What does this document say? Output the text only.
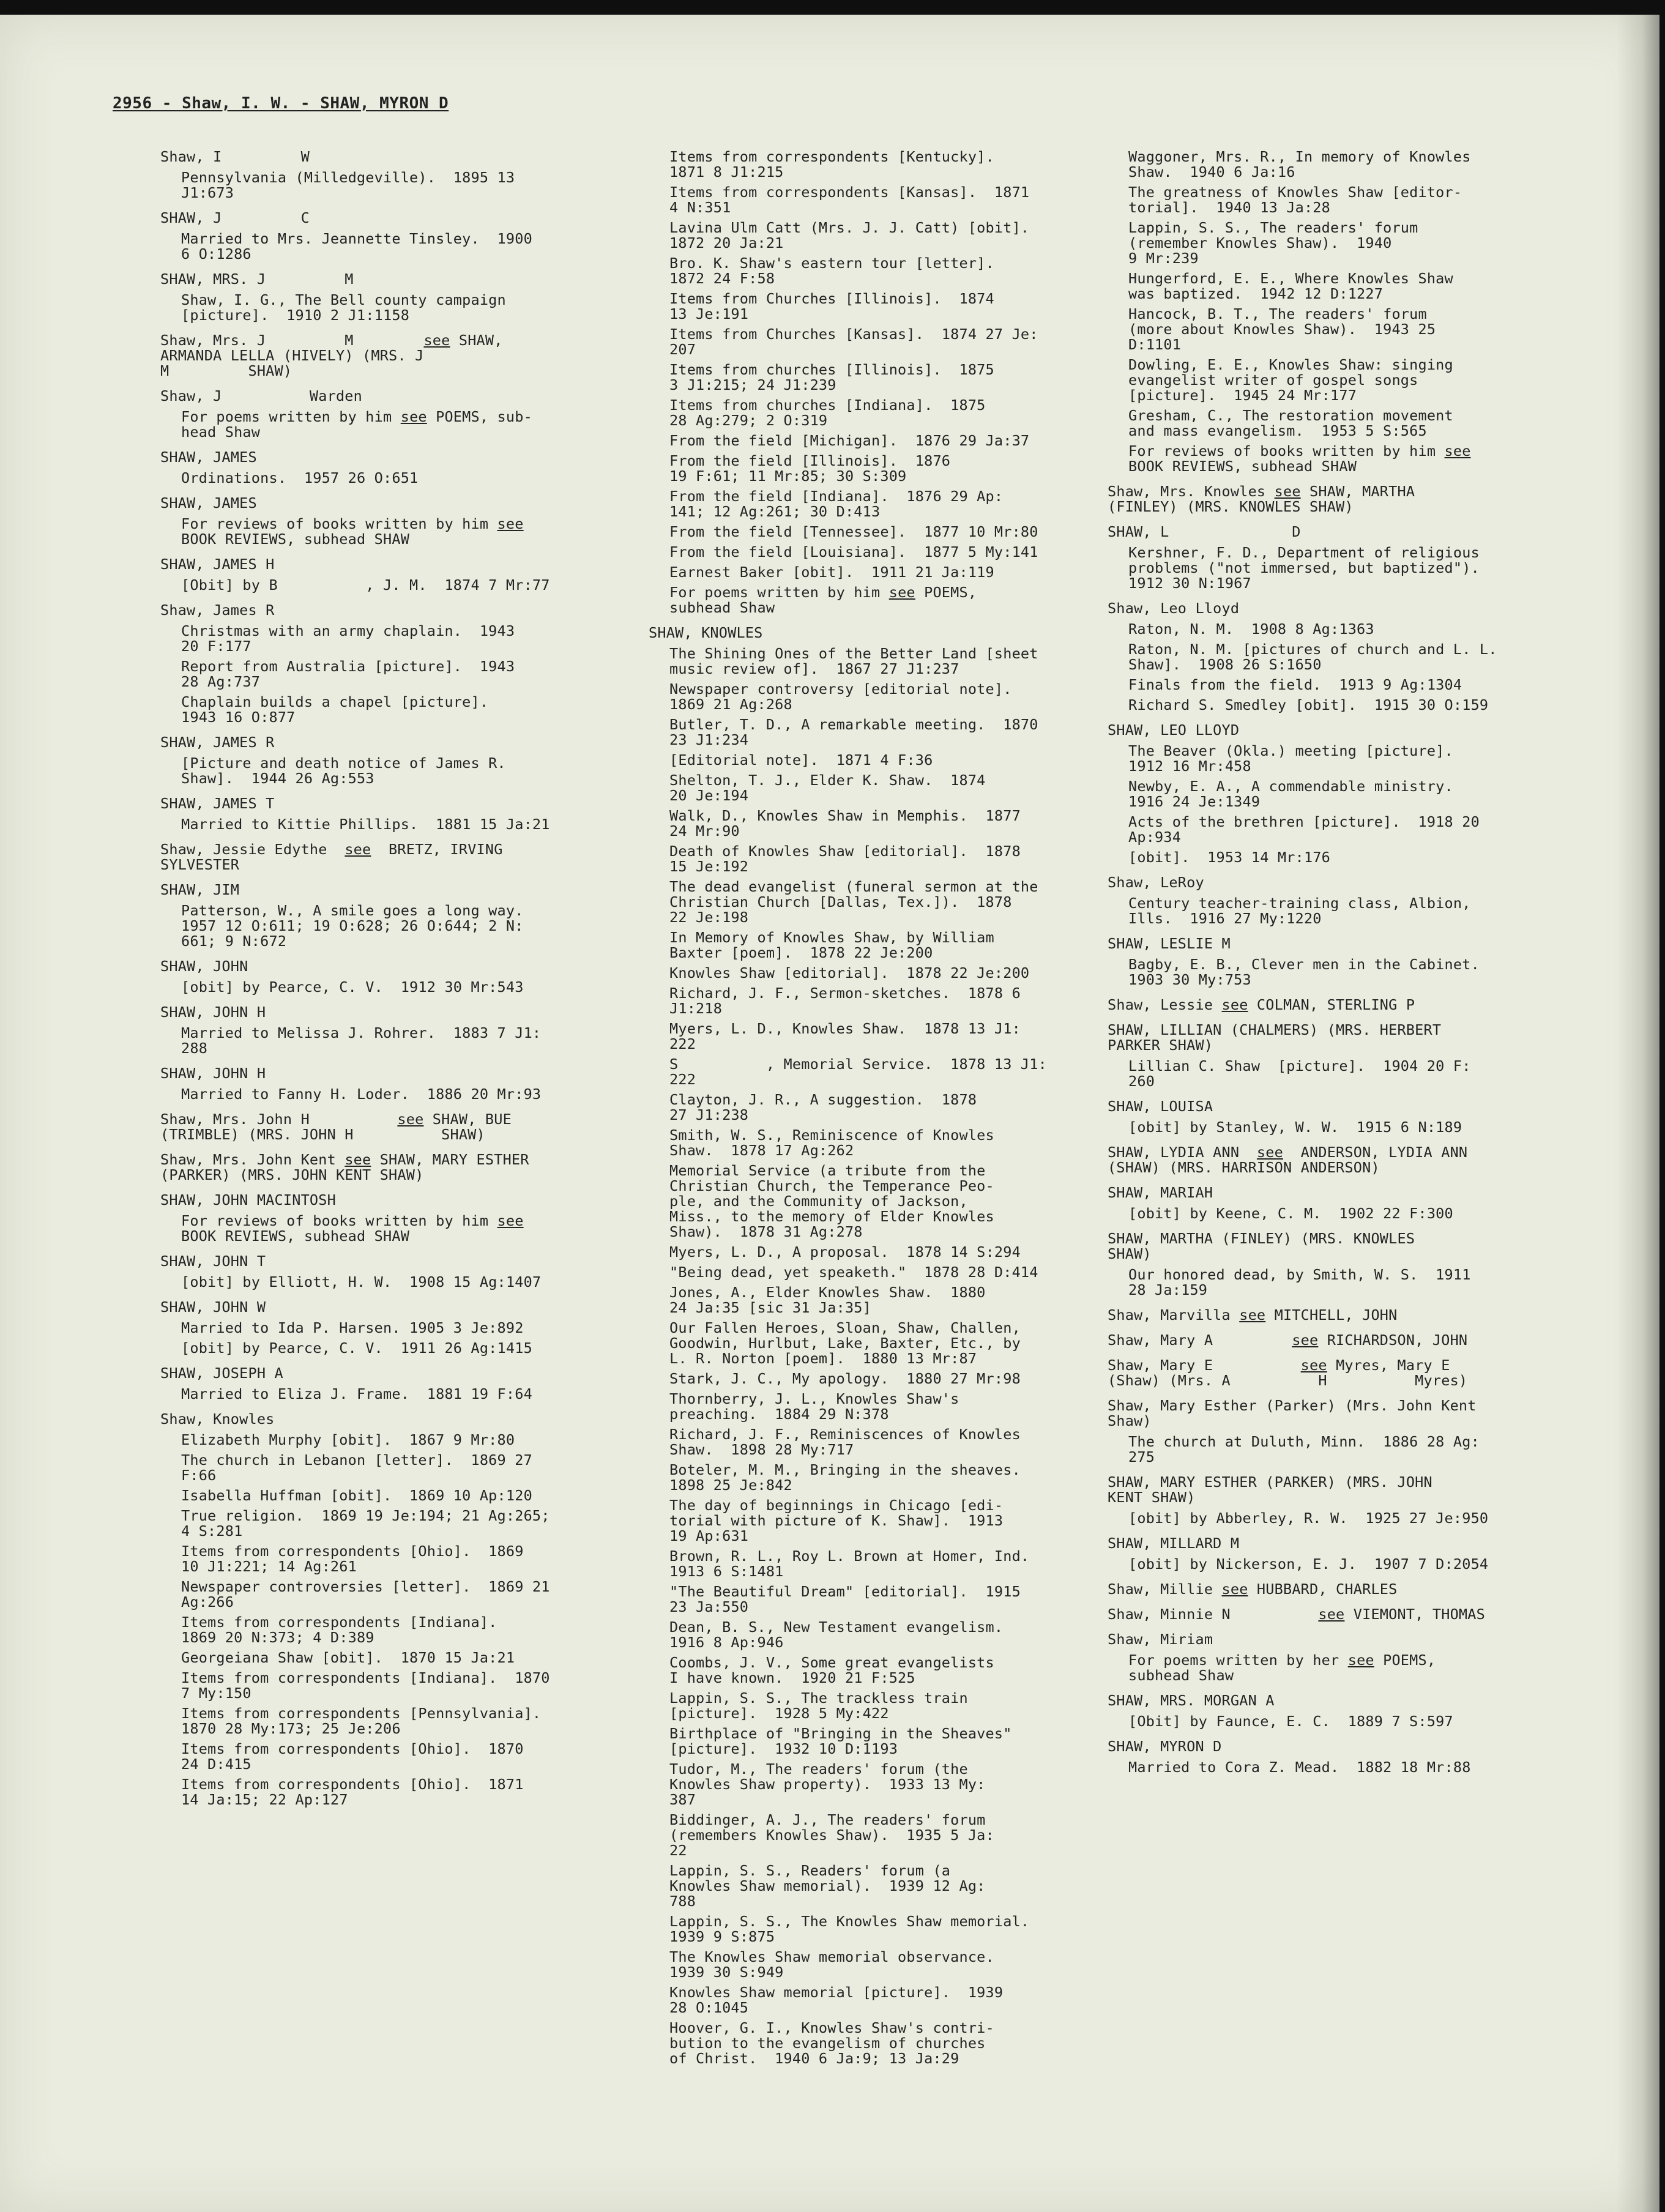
2956 - Shaw, I. W. - SHAW, MYRON D
Shaw, I         W
Pennsylvania (Milledgeville).  1895 13
J1:673
SHAW, J         C
Married to Mrs. Jeannette Tinsley.  1900
6 O:1286
SHAW, MRS. J         M
Shaw, I. G., The Bell county campaign
[picture].  1910 2 J1:1158
Shaw, Mrs. J         M        see SHAW,
ARMANDA LELLA (HIVELY) (MRS. J
M         SHAW)
Shaw, J          Warden
For poems written by him see POEMS, sub-
head Shaw
SHAW, JAMES
Ordinations.  1957 26 O:651
SHAW, JAMES
For reviews of books written by him see
BOOK REVIEWS, subhead SHAW
SHAW, JAMES H
[Obit] by B          , J. M.  1874 7 Mr:77
Shaw, James R
Christmas with an army chaplain.  1943
20 F:177
Report from Australia [picture].  1943
28 Ag:737
Chaplain builds a chapel [picture].
1943 16 O:877
SHAW, JAMES R
[Picture and death notice of James R.
Shaw].  1944 26 Ag:553
SHAW, JAMES T
Married to Kittie Phillips.  1881 15 Ja:21
Shaw, Jessie Edythe  see  BRETZ, IRVING
SYLVESTER
SHAW, JIM
Patterson, W., A smile goes a long way.
1957 12 O:611; 19 O:628; 26 O:644; 2 N:
661; 9 N:672
SHAW, JOHN
[obit] by Pearce, C. V.  1912 30 Mr:543
SHAW, JOHN H
Married to Melissa J. Rohrer.  1883 7 J1:
288
SHAW, JOHN H
Married to Fanny H. Loder.  1886 20 Mr:93
Shaw, Mrs. John H          see SHAW, BUE
(TRIMBLE) (MRS. JOHN H          SHAW)
Shaw, Mrs. John Kent see SHAW, MARY ESTHER
(PARKER) (MRS. JOHN KENT SHAW)
SHAW, JOHN MACINTOSH
For reviews of books written by him see
BOOK REVIEWS, subhead SHAW
SHAW, JOHN T
[obit] by Elliott, H. W.  1908 15 Ag:1407
SHAW, JOHN W
Married to Ida P. Harsen. 1905 3 Je:892
[obit] by Pearce, C. V.  1911 26 Ag:1415
SHAW, JOSEPH A
Married to Eliza J. Frame.  1881 19 F:64
Shaw, Knowles
Elizabeth Murphy [obit].  1867 9 Mr:80
The church in Lebanon [letter].  1869 27
F:66
Isabella Huffman [obit].  1869 10 Ap:120
True religion.  1869 19 Je:194; 21 Ag:265;
4 S:281
Items from correspondents [Ohio].  1869
10 J1:221; 14 Ag:261
Newspaper controversies [letter].  1869 21
Ag:266
Items from correspondents [Indiana].
1869 20 N:373; 4 D:389
Georgeiana Shaw [obit].  1870 15 Ja:21
Items from correspondents [Indiana].  1870
7 My:150
Items from correspondents [Pennsylvania].
1870 28 My:173; 25 Je:206
Items from correspondents [Ohio].  1870
24 D:415
Items from correspondents [Ohio].  1871
14 Ja:15; 22 Ap:127
Items from correspondents [Kentucky].
1871 8 J1:215
Items from correspondents [Kansas].  1871
4 N:351
Lavina Ulm Catt (Mrs. J. J. Catt) [obit].
1872 20 Ja:21
Bro. K. Shaw's eastern tour [letter].
1872 24 F:58
Items from Churches [Illinois].  1874
13 Je:191
Items from Churches [Kansas].  1874 27 Je:
207
Items from churches [Illinois].  1875
3 J1:215; 24 J1:239
Items from churches [Indiana].  1875
28 Ag:279; 2 O:319
From the field [Michigan].  1876 29 Ja:37
From the field [Illinois].  1876
19 F:61; 11 Mr:85; 30 S:309
From the field [Indiana].  1876 29 Ap:
141; 12 Ag:261; 30 D:413
From the field [Tennessee].  1877 10 Mr:80
From the field [Louisiana].  1877 5 My:141
Earnest Baker [obit].  1911 21 Ja:119
For poems written by him see POEMS,
subhead Shaw
SHAW, KNOWLES
The Shining Ones of the Better Land [sheet
music review of].  1867 27 J1:237
Newspaper controversy [editorial note].
1869 21 Ag:268
Butler, T. D., A remarkable meeting.  1870
23 J1:234
[Editorial note].  1871 4 F:36
Shelton, T. J., Elder K. Shaw.  1874
20 Je:194
Walk, D., Knowles Shaw in Memphis.  1877
24 Mr:90
Death of Knowles Shaw [editorial].  1878
15 Je:192
The dead evangelist (funeral sermon at the
Christian Church [Dallas, Tex.]).  1878
22 Je:198
In Memory of Knowles Shaw, by William
Baxter [poem].  1878 22 Je:200
Knowles Shaw [editorial].  1878 22 Je:200
Richard, J. F., Sermon-sketches.  1878 6
J1:218
Myers, L. D., Knowles Shaw.  1878 13 J1:
222
S          , Memorial Service.  1878 13 J1:
222
Clayton, J. R., A suggestion.  1878
27 J1:238
Smith, W. S., Reminiscence of Knowles
Shaw.  1878 17 Ag:262
Memorial Service (a tribute from the
Christian Church, the Temperance Peo-
ple, and the Community of Jackson,
Miss., to the memory of Elder Knowles
Shaw).  1878 31 Ag:278
Myers, L. D., A proposal.  1878 14 S:294
"Being dead, yet speaketh."  1878 28 D:414
Jones, A., Elder Knowles Shaw.  1880
24 Ja:35 [sic 31 Ja:35]
Our Fallen Heroes, Sloan, Shaw, Challen,
Goodwin, Hurlbut, Lake, Baxter, Etc., by
L. R. Norton [poem].  1880 13 Mr:87
Stark, J. C., My apology.  1880 27 Mr:98
Thornberry, J. L., Knowles Shaw's
preaching.  1884 29 N:378
Richard, J. F., Reminiscences of Knowles
Shaw.  1898 28 My:717
Boteler, M. M., Bringing in the sheaves.
1898 25 Je:842
The day of beginnings in Chicago [edi-
torial with picture of K. Shaw].  1913
19 Ap:631
Brown, R. L., Roy L. Brown at Homer, Ind.
1913 6 S:1481
"The Beautiful Dream" [editorial].  1915
23 Ja:550
Dean, B. S., New Testament evangelism.
1916 8 Ap:946
Coombs, J. V., Some great evangelists
I have known.  1920 21 F:525
Lappin, S. S., The trackless train
[picture].  1928 5 My:422
Birthplace of "Bringing in the Sheaves"
[picture].  1932 10 D:1193
Tudor, M., The readers' forum (the
Knowles Shaw property).  1933 13 My:
387
Biddinger, A. J., The readers' forum
(remembers Knowles Shaw).  1935 5 Ja:
22
Lappin, S. S., Readers' forum (a
Knowles Shaw memorial).  1939 12 Ag:
788
Lappin, S. S., The Knowles Shaw memorial.
1939 9 S:875
The Knowles Shaw memorial observance.
1939 30 S:949
Knowles Shaw memorial [picture].  1939
28 O:1045
Hoover, G. I., Knowles Shaw's contri-
bution to the evangelism of churches
of Christ.  1940 6 Ja:9; 13 Ja:29
Waggoner, Mrs. R., In memory of Knowles
Shaw.  1940 6 Ja:16
The greatness of Knowles Shaw [editor-
torial].  1940 13 Ja:28
Lappin, S. S., The readers' forum
(remember Knowles Shaw).  1940
9 Mr:239
Hungerford, E. E., Where Knowles Shaw
was baptized.  1942 12 D:1227
Hancock, B. T., The readers' forum
(more about Knowles Shaw).  1943 25
D:1101
Dowling, E. E., Knowles Shaw: singing
evangelist writer of gospel songs
[picture].  1945 24 Mr:177
Gresham, C., The restoration movement
and mass evangelism.  1953 5 S:565
For reviews of books written by him see
BOOK REVIEWS, subhead SHAW
Shaw, Mrs. Knowles see SHAW, MARTHA
(FINLEY) (MRS. KNOWLES SHAW)
SHAW, L              D
Kershner, F. D., Department of religious
problems ("not immersed, but baptized").
1912 30 N:1967
Shaw, Leo Lloyd
Raton, N. M.  1908 8 Ag:1363
Raton, N. M. [pictures of church and L. L.
Shaw].  1908 26 S:1650
Finals from the field.  1913 9 Ag:1304
Richard S. Smedley [obit].  1915 30 O:159
SHAW, LEO LLOYD
The Beaver (Okla.) meeting [picture].
1912 16 Mr:458
Newby, E. A., A commendable ministry.
1916 24 Je:1349
Acts of the brethren [picture].  1918 20
Ap:934
[obit].  1953 14 Mr:176
Shaw, LeRoy
Century teacher-training class, Albion,
Ills.  1916 27 My:1220
SHAW, LESLIE M
Bagby, E. B., Clever men in the Cabinet.
1903 30 My:753
Shaw, Lessie see COLMAN, STERLING P
SHAW, LILLIAN (CHALMERS) (MRS. HERBERT
PARKER SHAW)
Lillian C. Shaw  [picture].  1904 20 F:
260
SHAW, LOUISA
[obit] by Stanley, W. W.  1915 6 N:189
SHAW, LYDIA ANN  see  ANDERSON, LYDIA ANN
(SHAW) (MRS. HARRISON ANDERSON)
SHAW, MARIAH
[obit] by Keene, C. M.  1902 22 F:300
SHAW, MARTHA (FINLEY) (MRS. KNOWLES
SHAW)
Our honored dead, by Smith, W. S.  1911
28 Ja:159
Shaw, Marvilla see MITCHELL, JOHN
Shaw, Mary A         see RICHARDSON, JOHN
Shaw, Mary E          see Myres, Mary E
(Shaw) (Mrs. A          H          Myres)
Shaw, Mary Esther (Parker) (Mrs. John Kent
Shaw)
The church at Duluth, Minn.  1886 28 Ag:
275
SHAW, MARY ESTHER (PARKER) (MRS. JOHN
KENT SHAW)
[obit] by Abberley, R. W.  1925 27 Je:950
SHAW, MILLARD M
[obit] by Nickerson, E. J.  1907 7 D:2054
Shaw, Millie see HUBBARD, CHARLES
Shaw, Minnie N          see VIEMONT, THOMAS
Shaw, Miriam
For poems written by her see POEMS,
subhead Shaw
SHAW, MRS. MORGAN A
[Obit] by Faunce, E. C.  1889 7 S:597
SHAW, MYRON D
Married to Cora Z. Mead.  1882 18 Mr:88
